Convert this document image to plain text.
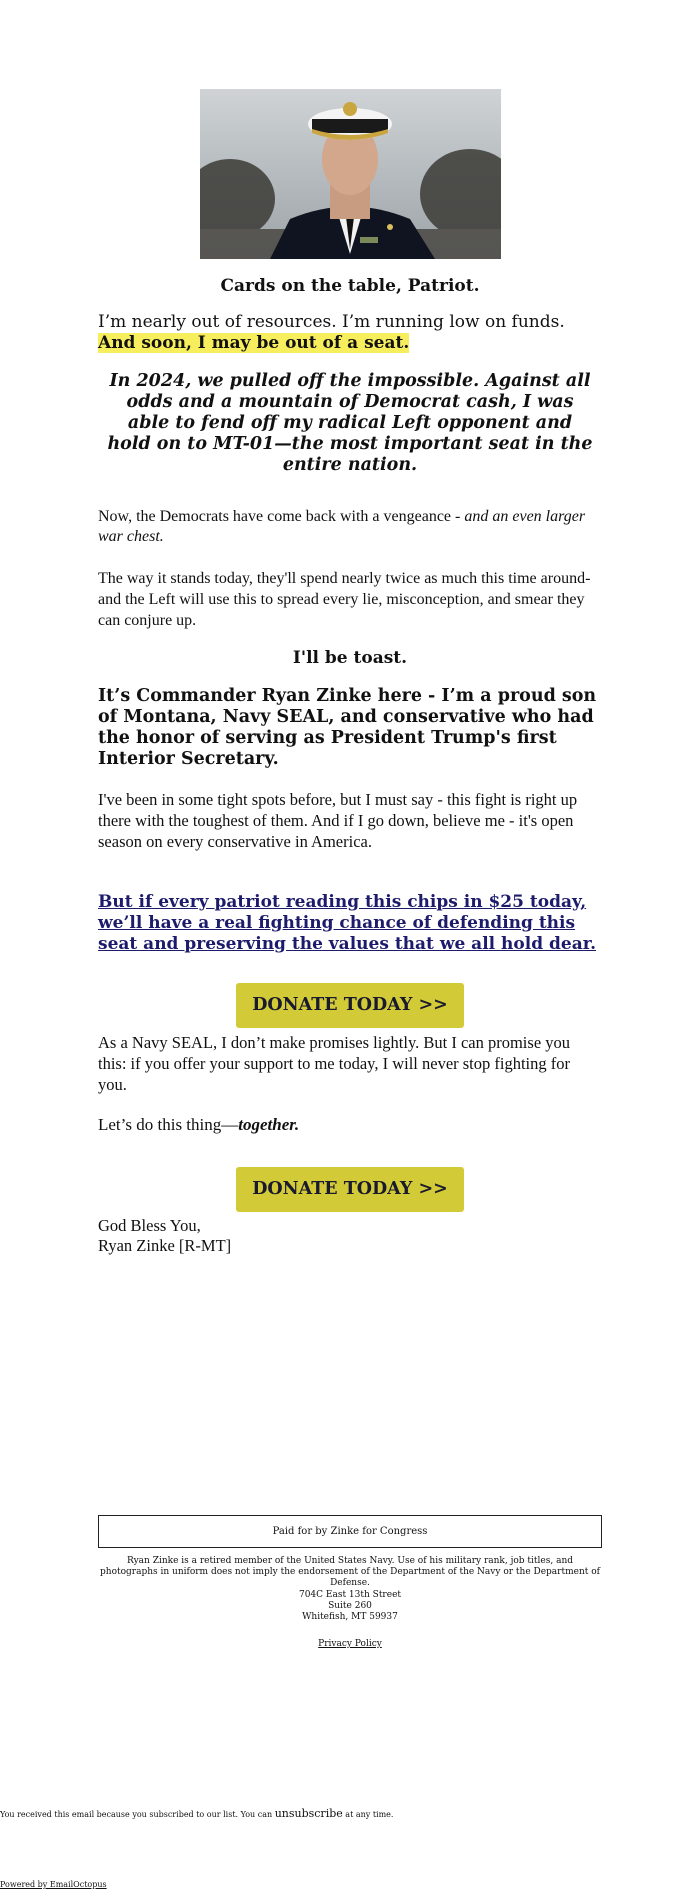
Cards on the table, Patriot.

I’m nearly out of resources. I’m running low on funds. And soon, I may be out of a seat.

In 2024, we pulled off the impossible. Against all odds and a mountain of Democrat cash, I was able to fend off my radical Left opponent and hold on to MT-01—the most important seat in the entire nation.

Now, the Democrats have come back with a vengeance - and an even larger war chest.

The way it stands today, they'll spend nearly twice as much this time around- and the Left will use this to spread every lie, misconception, and smear they can conjure up.

I'll be toast.

It’s Commander Ryan Zinke here - I’m a proud son of Montana, Navy SEAL, and conservative who had the honor of serving as President Trump's first Interior Secretary.

I've been in some tight spots before, but I must say - this fight is right up there with the toughest of them. And if I go down, believe me - it's open season on every conservative in America.

But if every patriot reading this chips in $25 today, we’ll have a real fighting chance of defending this seat and preserving the values that we all hold dear.
DONATE TODAY >>

As a Navy SEAL, I don’t make promises lightly. But I can promise you this: if you offer your support to me today, I will never stop fighting for you.

Let’s do this thing—together.

DONATE TODAY >>

God Bless You,
Ryan Zinke [R-MT]

Paid for by Zinke for Congress
Ryan Zinke is a retired member of the United States Navy. Use of his military rank, job titles, and photographs in uniform does not imply the endorsement of the Department of the Navy or the Department of Defense.
704C East 13th Street
Suite 260
Whitefish, MT 59937
Privacy Policy
You received this email because you subscribed to our list. You can unsubscribe at any time.
Powered by EmailOctopus
